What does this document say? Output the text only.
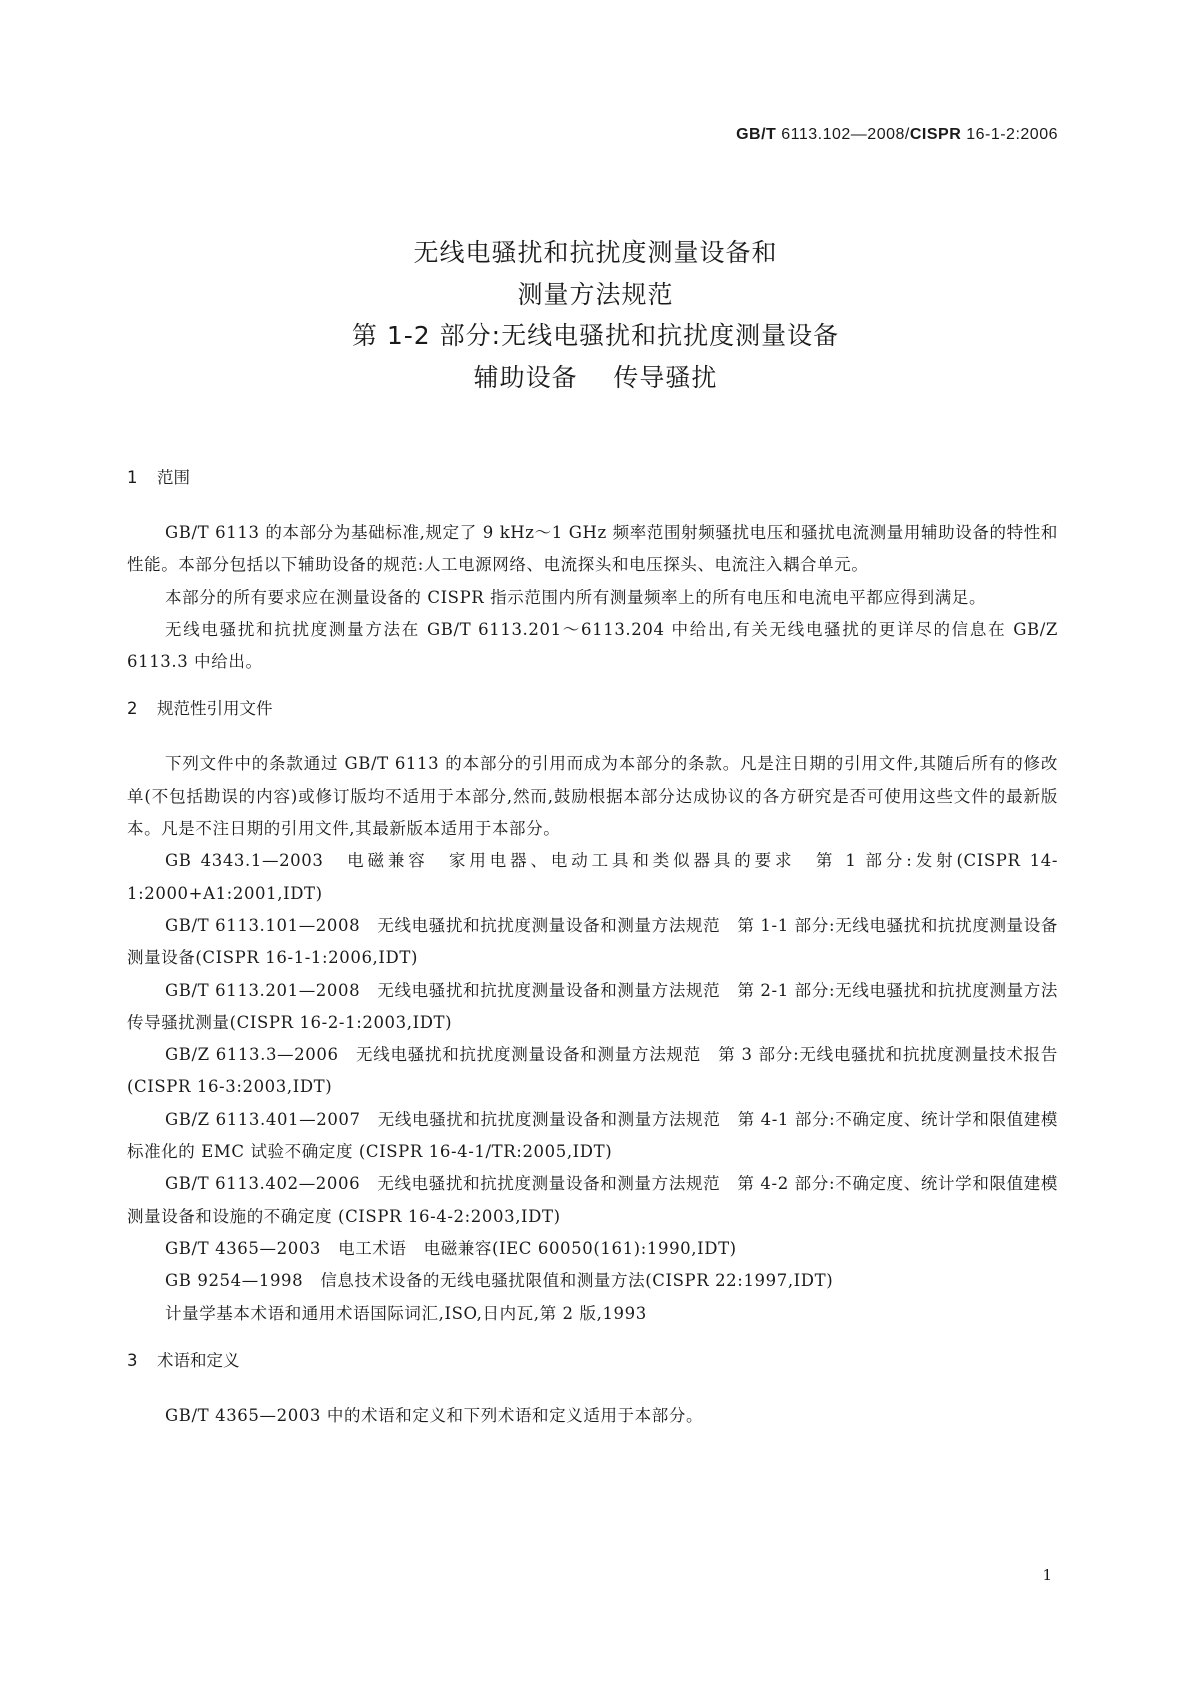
GB/T 6113.102—2008/CISPR 16-1-2:2006
无线电骚扰和抗扰度测量设备和
测量方法规范
第 1-2 部分:无线电骚扰和抗扰度测量设备
辅助设备    传导骚扰
1 范围

GB/T 6113 的本部分为基础标准,规定了 9 kHz～1 GHz 频率范围射频骚扰电压和骚扰电流测量用辅助设备的特性和性能。本部分包括以下辅助设备的规范:人工电源网络、电流探头和电压探头、电流注入耦合单元。

本部分的所有要求应在测量设备的 CISPR 指示范围内所有测量频率上的所有电压和电流电平都应得到满足。

无线电骚扰和抗扰度测量方法在 GB/T 6113.201～6113.204 中给出,有关无线电骚扰的更详尽的信息在 GB/Z 6113.3 中给出。

2 规范性引用文件

下列文件中的条款通过 GB/T 6113 的本部分的引用而成为本部分的条款。凡是注日期的引用文件,其随后所有的修改单(不包括勘误的内容)或修订版均不适用于本部分,然而,鼓励根据本部分达成协议的各方研究是否可使用这些文件的最新版本。凡是不注日期的引用文件,其最新版本适用于本部分。

GB 4343.1—2003　电磁兼容　家用电器、电动工具和类似器具的要求　第 1 部分:发射(CISPR 14-1:2000+A1:2001,IDT)

GB/T 6113.101—2008　无线电骚扰和抗扰度测量设备和测量方法规范　第 1-1 部分:无线电骚扰和抗扰度测量设备　测量设备(CISPR 16-1-1:2006,IDT)

GB/T 6113.201—2008　无线电骚扰和抗扰度测量设备和测量方法规范　第 2-1 部分:无线电骚扰和抗扰度测量方法　传导骚扰测量(CISPR 16-2-1:2003,IDT)

GB/Z 6113.3—2006　无线电骚扰和抗扰度测量设备和测量方法规范　第 3 部分:无线电骚扰和抗扰度测量技术报告(CISPR 16-3:2003,IDT)

GB/Z 6113.401—2007　无线电骚扰和抗扰度测量设备和测量方法规范　第 4-1 部分:不确定度、统计学和限值建模　标准化的 EMC 试验不确定度 (CISPR 16-4-1/TR:2005,IDT)

GB/T 6113.402—2006　无线电骚扰和抗扰度测量设备和测量方法规范　第 4-2 部分:不确定度、统计学和限值建模　测量设备和设施的不确定度 (CISPR 16-4-2:2003,IDT)

GB/T 4365—2003　电工术语　电磁兼容(IEC 60050(161):1990,IDT)

GB 9254—1998　信息技术设备的无线电骚扰限值和测量方法(CISPR 22:1997,IDT)

计量学基本术语和通用术语国际词汇,ISO,日内瓦,第 2 版,1993

3 术语和定义

GB/T 4365—2003 中的术语和定义和下列术语和定义适用于本部分。

1
